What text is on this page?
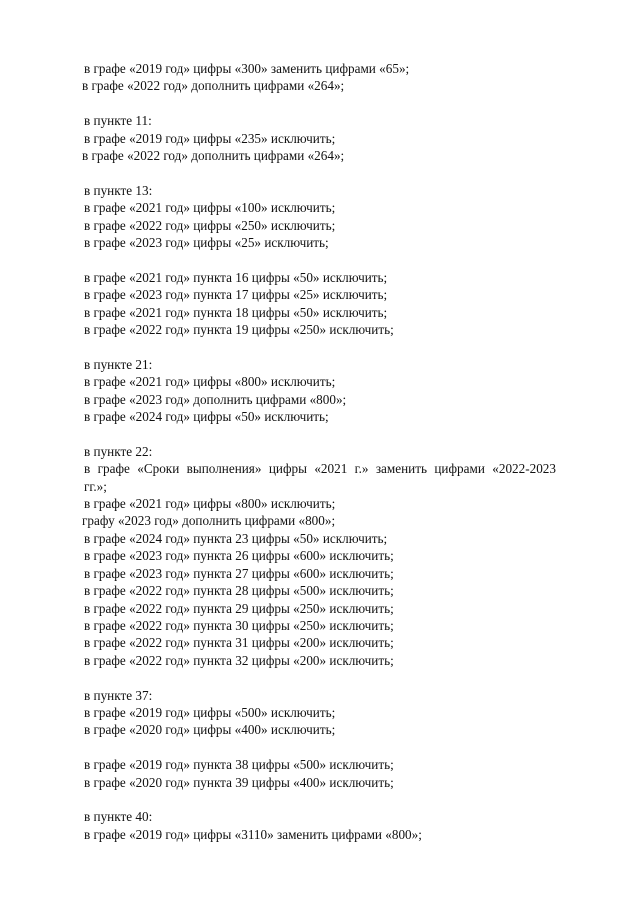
в графе «2019 год» цифры «300» заменить цифрами «65»;
в графе «2022 год» дополнить цифрами «264»;
в пункте 11:
в графе «2019 год» цифры «235» исключить;
в графе «2022 год» дополнить цифрами «264»;
в пункте 13:
в графе «2021 год» цифры «100» исключить;
в графе «2022 год» цифры «250» исключить;
в графе «2023 год» цифры «25» исключить;
в графе «2021 год» пункта 16 цифры «50» исключить;
в графе «2023 год» пункта 17 цифры «25» исключить;
в графе «2021 год» пункта 18 цифры «50» исключить;
в графе «2022 год» пункта 19 цифры «250» исключить;
в пункте 21:
в графе «2021 год» цифры «800» исключить;
в графе «2023 год» дополнить цифрами «800»;
в графе «2024 год» цифры «50» исключить;
в пункте 22:
в графе «Сроки выполнения» цифры «2021 г.» заменить цифрами «2022-2023 гг.»;
в графе «2021 год» цифры «800» исключить;
графу «2023 год» дополнить цифрами «800»;
в графе «2024 год» пункта 23 цифры «50» исключить;
в графе «2023 год» пункта 26 цифры «600» исключить;
в графе «2023 год» пункта 27 цифры «600» исключить;
в графе «2022 год» пункта 28 цифры «500» исключить;
в графе «2022 год» пункта 29 цифры «250» исключить;
в графе «2022 год» пункта 30 цифры «250» исключить;
в графе «2022 год» пункта 31 цифры «200» исключить;
в графе «2022 год» пункта 32 цифры «200» исключить;
в пункте 37:
в графе «2019 год» цифры «500» исключить;
в графе «2020 год» цифры «400» исключить;
в графе «2019 год» пункта 38 цифры «500» исключить;
в графе «2020 год» пункта 39 цифры «400» исключить;
в пункте 40:
в графе «2019 год» цифры «3110» заменить цифрами «800»;
